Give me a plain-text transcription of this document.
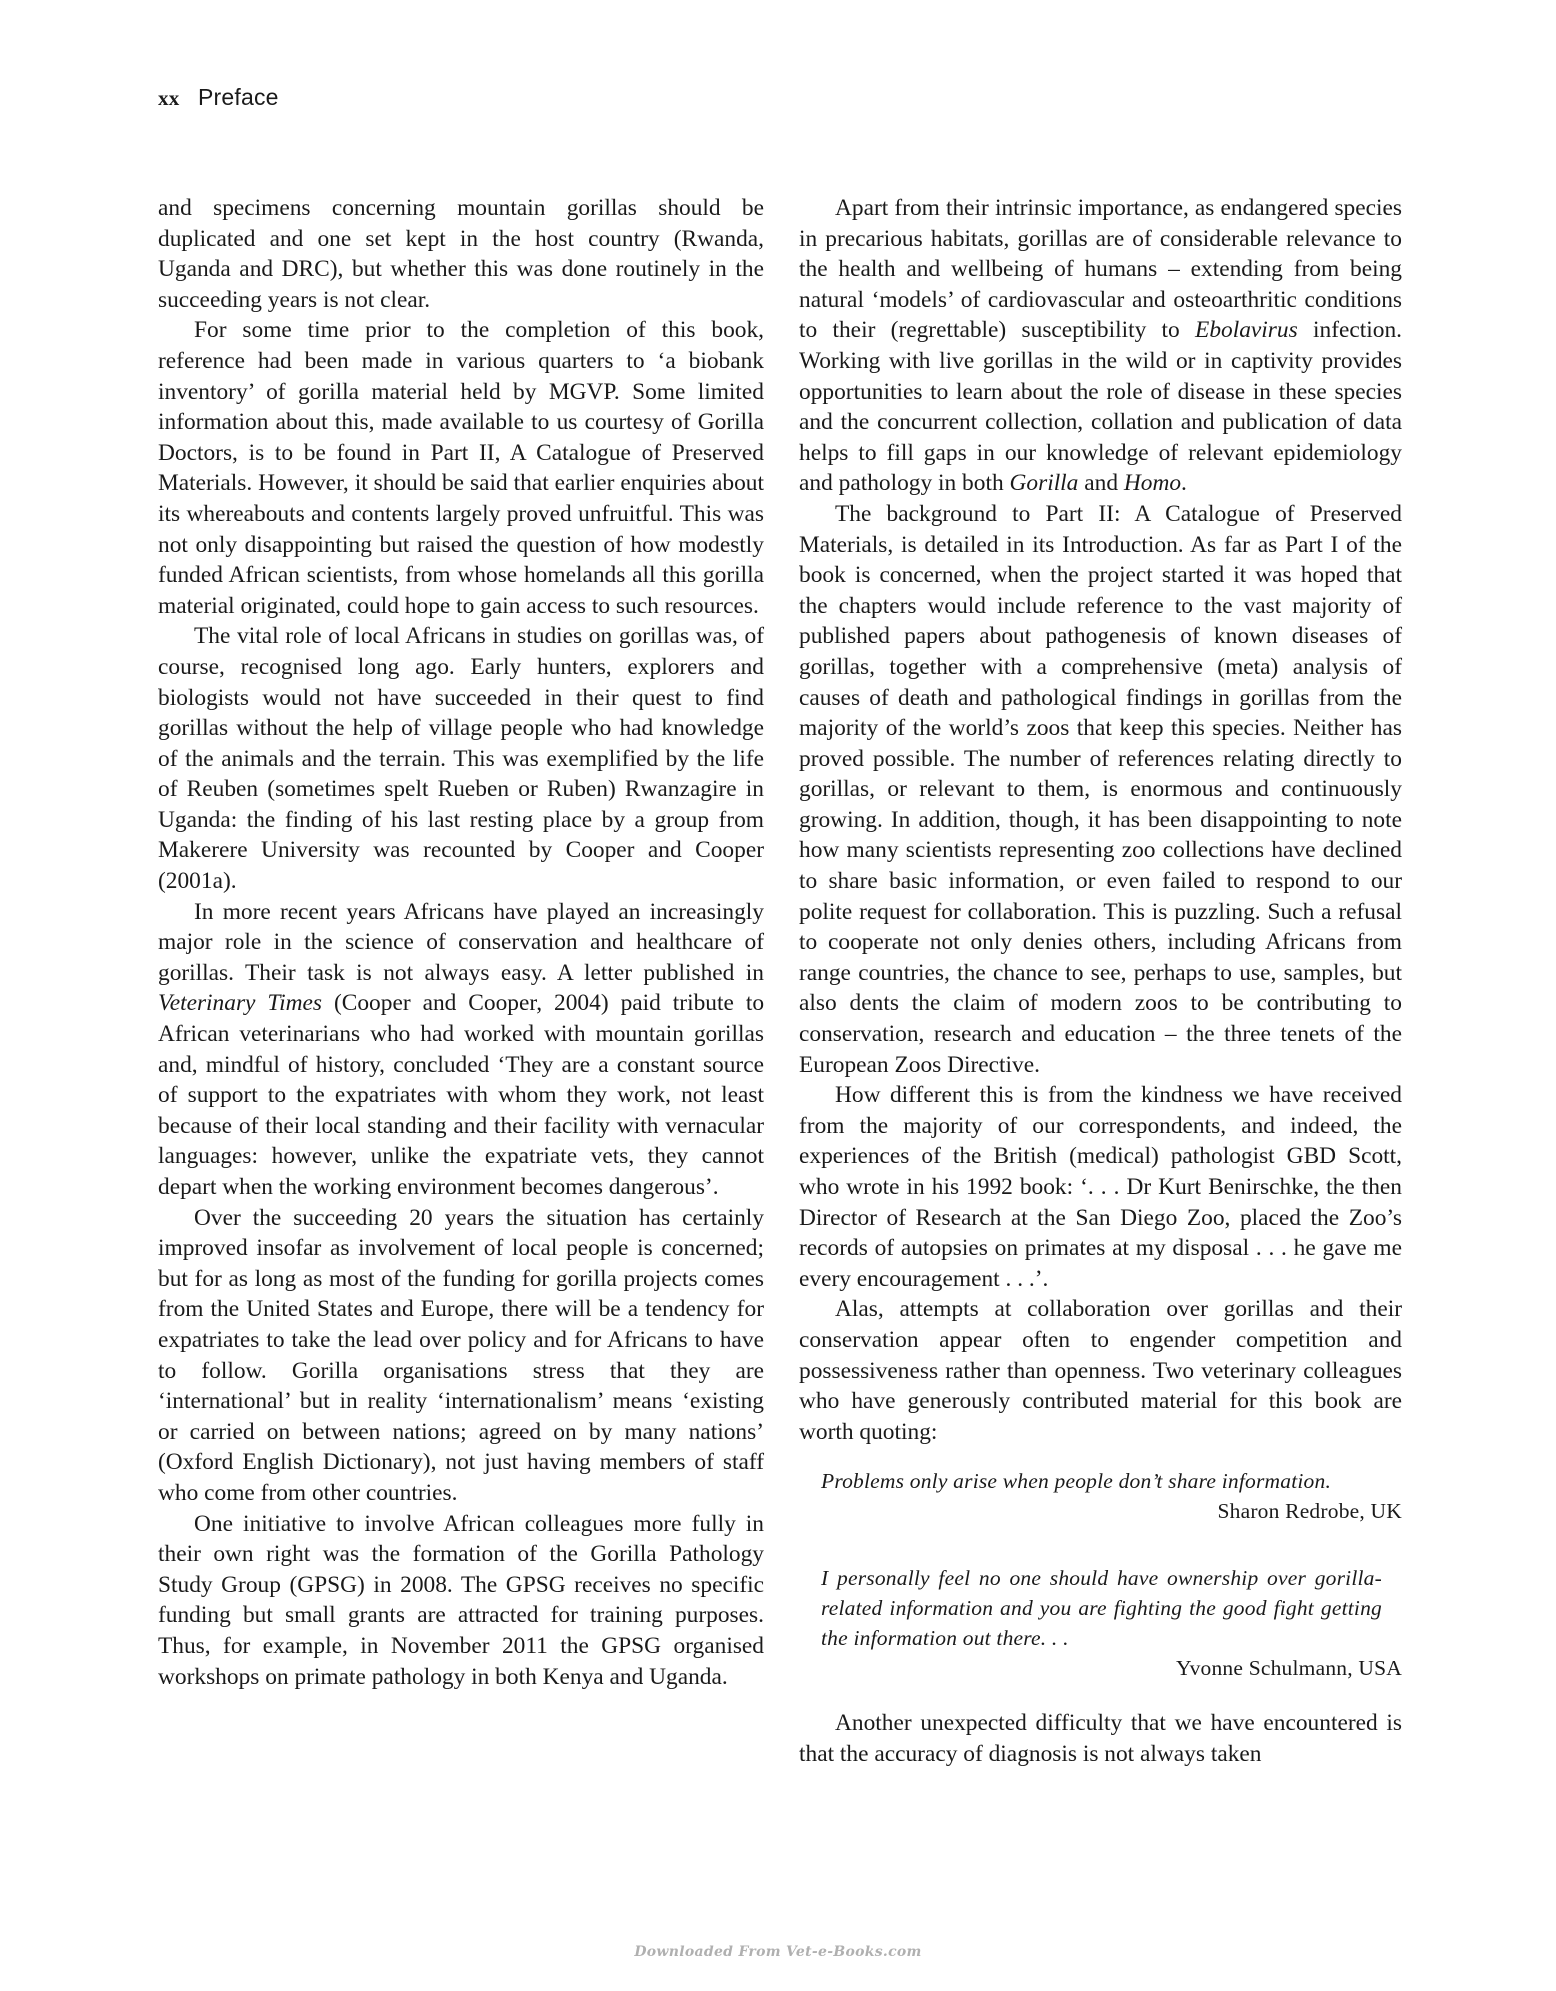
xx Preface

and specimens concerning mountain gorillas should be duplicated and one set kept in the host country (Rwanda, Uganda and DRC), but whether this was done routinely in the succeeding years is not clear.

For some time prior to the completion of this book, reference had been made in various quarters to ‘a biobank inventory’ of gorilla material held by MGVP. Some limited information about this, made available to us courtesy of Gorilla Doctors, is to be found in Part II, A Catalogue of Preserved Materials. However, it should be said that earlier enquiries about its whereabouts and contents largely proved unfruitful. This was not only disappointing but raised the question of how modestly funded African scientists, from whose homelands all this gorilla material originated, could hope to gain access to such resources.

The vital role of local Africans in studies on gorillas was, of course, recognised long ago. Early hunters, explorers and biologists would not have succeeded in their quest to find gorillas without the help of village people who had knowledge of the animals and the terrain. This was exemplified by the life of Reuben (sometimes spelt Rueben or Ruben) Rwanzagire in Uganda: the finding of his last resting place by a group from Makerere University was recounted by Cooper and Cooper (2001a).

In more recent years Africans have played an increasingly major role in the science of conservation and healthcare of gorillas. Their task is not always easy. A letter published in Veterinary Times (Cooper and Cooper, 2004) paid tribute to African veterinarians who had worked with mountain gorillas and, mindful of history, concluded ‘They are a constant source of support to the expatriates with whom they work, not least because of their local standing and their facility with vernacular languages: however, unlike the expatriate vets, they cannot depart when the working environment becomes dangerous’.

Over the succeeding 20 years the situation has certainly improved insofar as involvement of local people is concerned; but for as long as most of the funding for gorilla projects comes from the United States and Europe, there will be a tendency for expatriates to take the lead over policy and for Africans to have to follow. Gorilla organisations stress that they are ‘international’ but in reality ‘internationalism’ means ‘existing or carried on between nations; agreed on by many nations’ (Oxford English Dictionary), not just having members of staff who come from other countries.

One initiative to involve African colleagues more fully in their own right was the formation of the Gorilla Pathology Study Group (GPSG) in 2008. The GPSG receives no specific funding but small grants are attracted for training purposes. Thus, for example, in November 2011 the GPSG organised workshops on primate pathology in both Kenya and Uganda.

Apart from their intrinsic importance, as endangered species in precarious habitats, gorillas are of considerable relevance to the health and wellbeing of humans – extending from being natural ‘models’ of cardiovascular and osteoarthritic conditions to their (regrettable) susceptibility to Ebolavirus infection. Working with live gorillas in the wild or in captivity provides opportunities to learn about the role of disease in these species and the concurrent collection, collation and publication of data helps to fill gaps in our knowledge of relevant epidemiology and pathology in both Gorilla and Homo.

The background to Part II: A Catalogue of Preserved Materials, is detailed in its Introduction. As far as Part I of the book is concerned, when the project started it was hoped that the chapters would include reference to the vast majority of published papers about pathogenesis of known diseases of gorillas, together with a comprehensive (meta) analysis of causes of death and pathological findings in gorillas from the majority of the world’s zoos that keep this species. Neither has proved possible. The number of references relating directly to gorillas, or relevant to them, is enormous and continuously growing. In addition, though, it has been disappointing to note how many scientists representing zoo collections have declined to share basic information, or even failed to respond to our polite request for collaboration. This is puzzling. Such a refusal to cooperate not only denies others, including Africans from range countries, the chance to see, perhaps to use, samples, but also dents the claim of modern zoos to be contributing to conservation, research and education – the three tenets of the European Zoos Directive.

How different this is from the kindness we have received from the majority of our correspondents, and indeed, the experiences of the British (medical) pathologist GBD Scott, who wrote in his 1992 book: ‘. . . Dr Kurt Benirschke, the then Director of Research at the San Diego Zoo, placed the Zoo’s records of autopsies on primates at my disposal . . . he gave me every encouragement . . .’.

Alas, attempts at collaboration over gorillas and their conservation appear often to engender competition and possessiveness rather than openness. Two veterinary colleagues who have generously contributed material for this book are worth quoting:

Problems only arise when people don’t share information.
Sharon Redrobe, UK
I personally feel no one should have ownership over gorilla-related information and you are fighting the good fight getting the information out there. . .
Yvonne Schulmann, USA

Another unexpected difficulty that we have encountered is that the accuracy of diagnosis is not always taken

Downloaded From Vet-e-Books.com
